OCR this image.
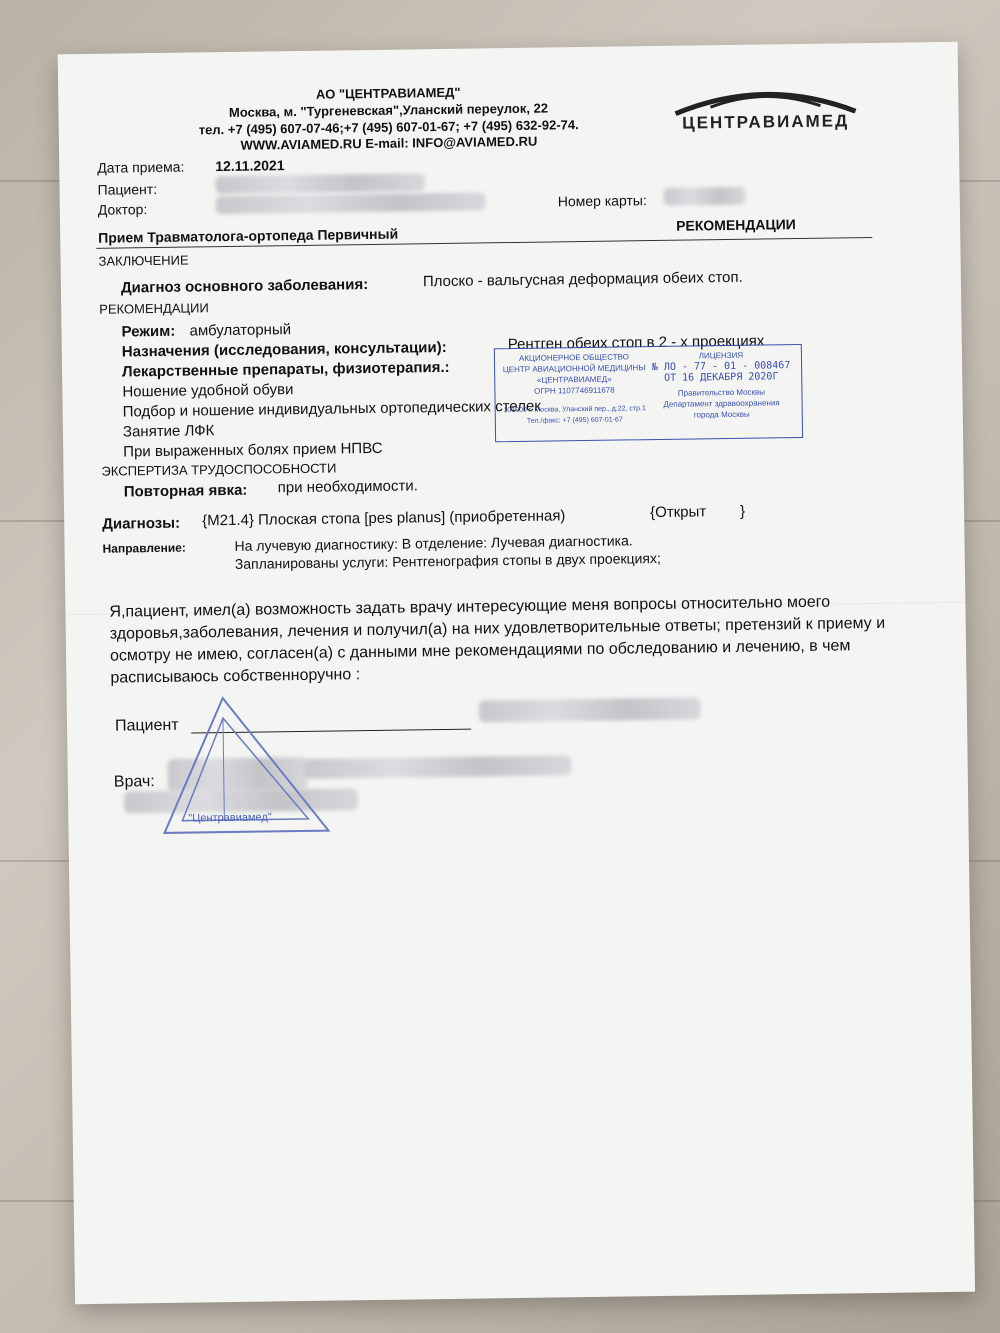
АО "ЦЕНТРАВИАМЕД"
Москва, м. "Тургеневская",Уланский переулок, 22
тел. +7 (495) 607-07-46;+7 (495) 607-01-67; +7 (495) 632-92-74.
WWW.AVIAMED.RU E-mail: INFO@AVIAMED.RU
ЦЕНТРАВИАМЕД
Дата приема: 12.11.2021
Пациент:
Доктор:
Номер карты:
Прием Травматолога-ортопеда Первичный
РЕКОМЕНДАЦИИ
ЗАКЛЮЧЕНИЕ
Диагноз основного заболевания:	Плоско - вальгусная деформация обеих стоп.
РЕКОМЕНДАЦИИ
Режим: амбулаторный
Назначения (исследования, консультации):	Рентген обеих стоп в 2 - х проекциях
Лекарственные препараты, физиотерапия.:
Ношение удобной обуви
Подбор и ношение индивидуальных ортопедических стелек
Занятие ЛФК
При выраженных болях прием НПВС
АКЦИОНЕРНОЕ ОБЩЕСТВО
ЦЕНТР АВИАЦИОННОЙ МЕДИЦИНЫ
«ЦЕНТРАВИАМЕД»
ОГРН 1107746911678
101000 г. Москва, Уланский пер., д.22, стр.1
Тел./факс: +7 (495) 607-01-67
ЛИЦЕНЗИЯ
№ ЛО - 77 - 01 - 008467
ОТ 16 ДЕКАБРЯ 2020Г
Правительство Москвы
Департамент здравоохранения
города Москвы
ЭКСПЕРТИЗА ТРУДОСПОСОБНОСТИ
Повторная явка: при необходимости.
Диагнозы: {M21.4} Плоская стопа [pes planus] (приобретенная)	{Открыт }
Направление:	На лучевую диагностику: В отделение: Лучевая диагностика.
Запланированы услуги: Рентгенография стопы в двух проекциях;
Я,пациент, имел(а) возможность задать врачу интересующие меня вопросы относительно моего здоровья,заболевания, лечения и получил(а) на них удовлетворительные ответы; претензий к приему и осмотру не имею, согласен(а) с данными мне рекомендациями по обследованию и лечению, в чем расписываюсь собственноручно :
Пациент
Врач:
"Центравиамед"
